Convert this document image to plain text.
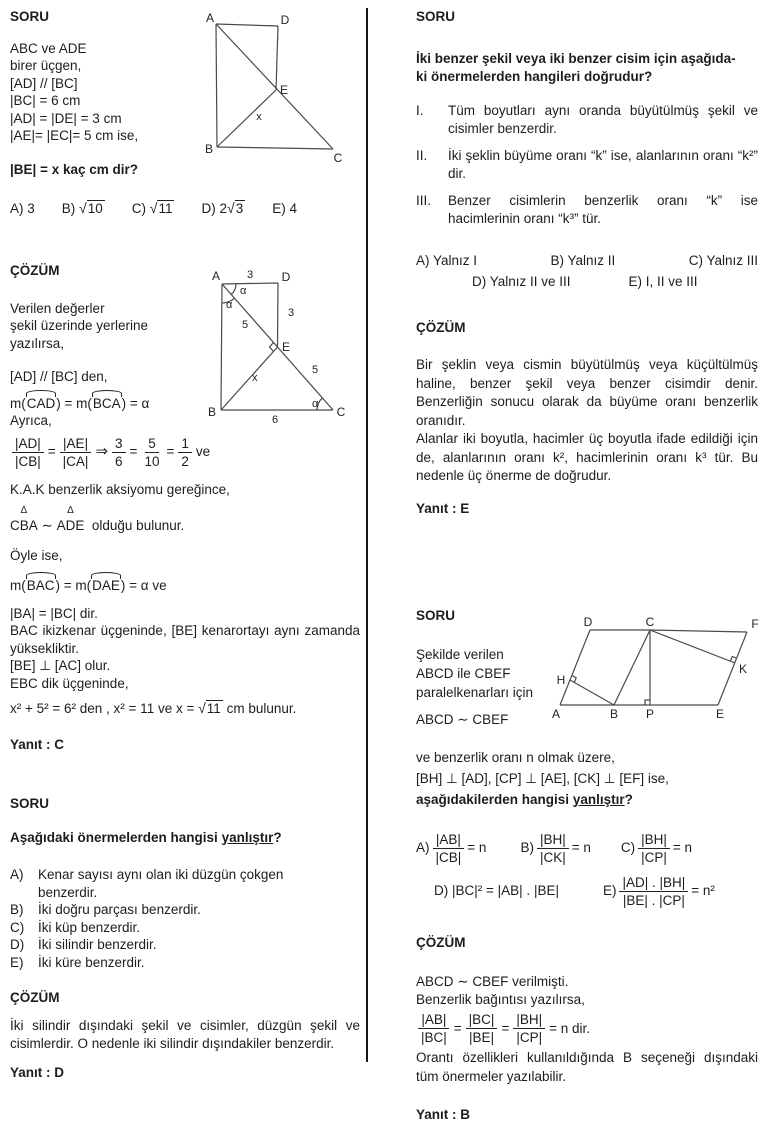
SORU
ABC ve ADE
birer üçgen,
[AD] // [BC]
|BC| = 6 cm
|AD| = |DE| = 3 cm
|AE|= |EC|= 5 cm ise,
|BE| = x kaç cm dir?
A) 3 B) √10 C) √11 D) 2√3 E) 4
A	D
E
B
C
x
ÇÖZÜM
Verilen değerler
şekil üzerinde yerlerine
yazılırsa,
[AD] // [BC] den,
m(CAD) = m(BCA) = α
Ayrıca,
$\frac{|AD|}{|CB|} = \frac{|AE|}{|CA|}$ ⇒ $\frac{3}{6} = \frac{5}{10} = \frac{1}{2}$ ve
K.A.K benzerlik aksiyomu gereğince,
Δ
CBA ∼
Δ
ADE olduğu bulunur.
Öyle ise,
m(BAC) = m(DAE) = α ve
|BA| = |BC| dir.
BAC ikizkenar üçgeninde, [BE] kenarortayı aynı zamanda yüksekliktir.
[BE] ⊥ [AC] olur.
EBC dik üçgeninde,
x² + 5² = 6² den , x² = 11 ve x = √11 cm bulunur.
Yanıt : C
A	D
E
B	C
3
3
5
x
5
6
α
α
α
SORU
Aşağıdaki önermelerden hangisi yanlıştır?
A)	Kenar sayısı aynı olan iki düzgün çokgen benzerdir.
B)	İki doğru parçası benzerdir.
C)	İki küp benzerdir.
D)	İki silindir benzerdir.
E)	İki küre benzerdir.
ÇÖZÜM
İki silindir dışındaki şekil ve cisimler, düzgün şekil ve cisimlerdir. O nedenle iki silindir dışındakiler benzerdir.
Yanıt : D
SORU
İki benzer şekil veya iki benzer cisim için aşağıda-
ki önermelerden hangileri doğrudur?
I.	Tüm boyutları aynı oranda büyütülmüş şekil ve cisimler benzerdir.
II.	İki şeklin büyüme oranı “k” ise, alanlarının oranı “k²” dir.
III.	Benzer cisimlerin benzerlik oranı “k” ise hacimlerinin oranı “k³” tür.
A) Yalnız I	B) Yalnız II	C) Yalnız III
D) Yalnız II ve III	E) I, II ve III
ÇÖZÜM
Bir şeklin veya cismin büyütülmüş veya küçültülmüş haline, benzer şekil veya benzer cisimdir denir. Benzerliğin sonucu olarak da büyüme oranı benzerlik oranıdır.
Alanlar iki boyutla, hacimler üç boyutla ifade edildiği için de, alanlarının oranı k², hacimlerinin oranı k³ tür. Bu nedenle üç önerme de doğrudur.
Yanıt : E
SORU
Şekilde verilen
ABCD ile CBEF
paralelkenarları için
ABCD ∼ CBEF
D	C	F
A	B P	E
H
K
ve benzerlik oranı n olmak üzere,
[BH] ⊥ [AD], [CP] ⊥ [AE], [CK] ⊥ [EF] ise,
aşağıdakilerden hangisi yanlıştır?
$A) \frac{|AB|}{|CB|} = n$	$B) \frac{|BH|}{|CK|} = n$ $C) \frac{|BH|}{|CP|} = n$
D) |BC|² = |AB| . |BE|	$E) \frac{|AD| . |BH|}{|BE| . |CP|} = n^2$
ÇÖZÜM
ABCD ∼ CBEF verilmişti.
Benzerlik bağıntısı yazılırsa,
$\frac{|AB|}{|BC|} = \frac{|BC|}{|BE|} = \frac{|BH|}{|CP|} = n$ dir.
Orantı özellikleri kullanıldığında B seçeneği dışındaki tüm önermeler yazılabilir.
Yanıt : B
